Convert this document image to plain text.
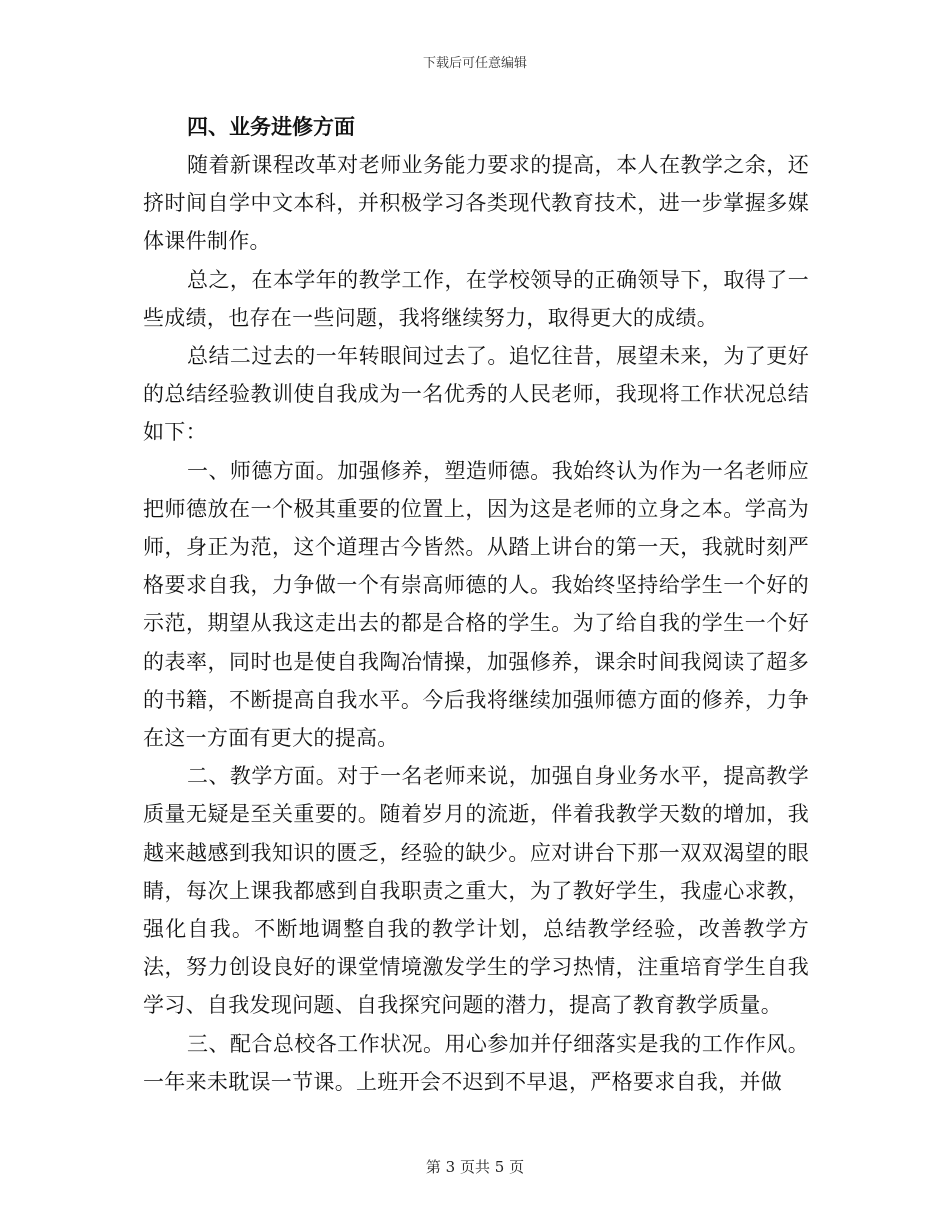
下载后可任意编辑

四、业务进修方面

随着新课程改革对老师业务能力要求的提高，本人在教学之余，还挤时间自学中文本科，并积极学习各类现代教育技术，进一步掌握多媒体课件制作。

总之，在本学年的教学工作，在学校领导的正确领导下，取得了一些成绩，也存在一些问题，我将继续努力，取得更大的成绩。

总结二过去的一年转眼间过去了。追忆往昔，展望未来，为了更好的总结经验教训使自我成为一名优秀的人民老师，我现将工作状况总结如下：

一、师德方面。加强修养，塑造师德。我始终认为作为一名老师应把师德放在一个极其重要的位置上，因为这是老师的立身之本。学高为师，身正为范，这个道理古今皆然。从踏上讲台的第一天，我就时刻严格要求自我，力争做一个有崇高师德的人。我始终坚持给学生一个好的示范，期望从我这走出去的都是合格的学生。为了给自我的学生一个好的表率，同时也是使自我陶冶情操，加强修养，课余时间我阅读了超多的书籍，不断提高自我水平。今后我将继续加强师德方面的修养，力争在这一方面有更大的提高。

二、教学方面。对于一名老师来说，加强自身业务水平，提高教学质量无疑是至关重要的。随着岁月的流逝，伴着我教学天数的增加，我越来越感到我知识的匮乏，经验的缺少。应对讲台下那一双双渴望的眼睛，每次上课我都感到自我职责之重大，为了教好学生，我虚心求教，强化自我。不断地调整自我的教学计划，总结教学经验，改善教学方法，努力创设良好的课堂情境激发学生的学习热情，注重培育学生自我学习、自我发现问题、自我探究问题的潜力，提高了教育教学质量。

三、配合总校各工作状况。用心参加并仔细落实是我的工作作风。一年来未耽误一节课。上班开会不迟到不早退，严格要求自我，并做

第 3 页共 5 页
